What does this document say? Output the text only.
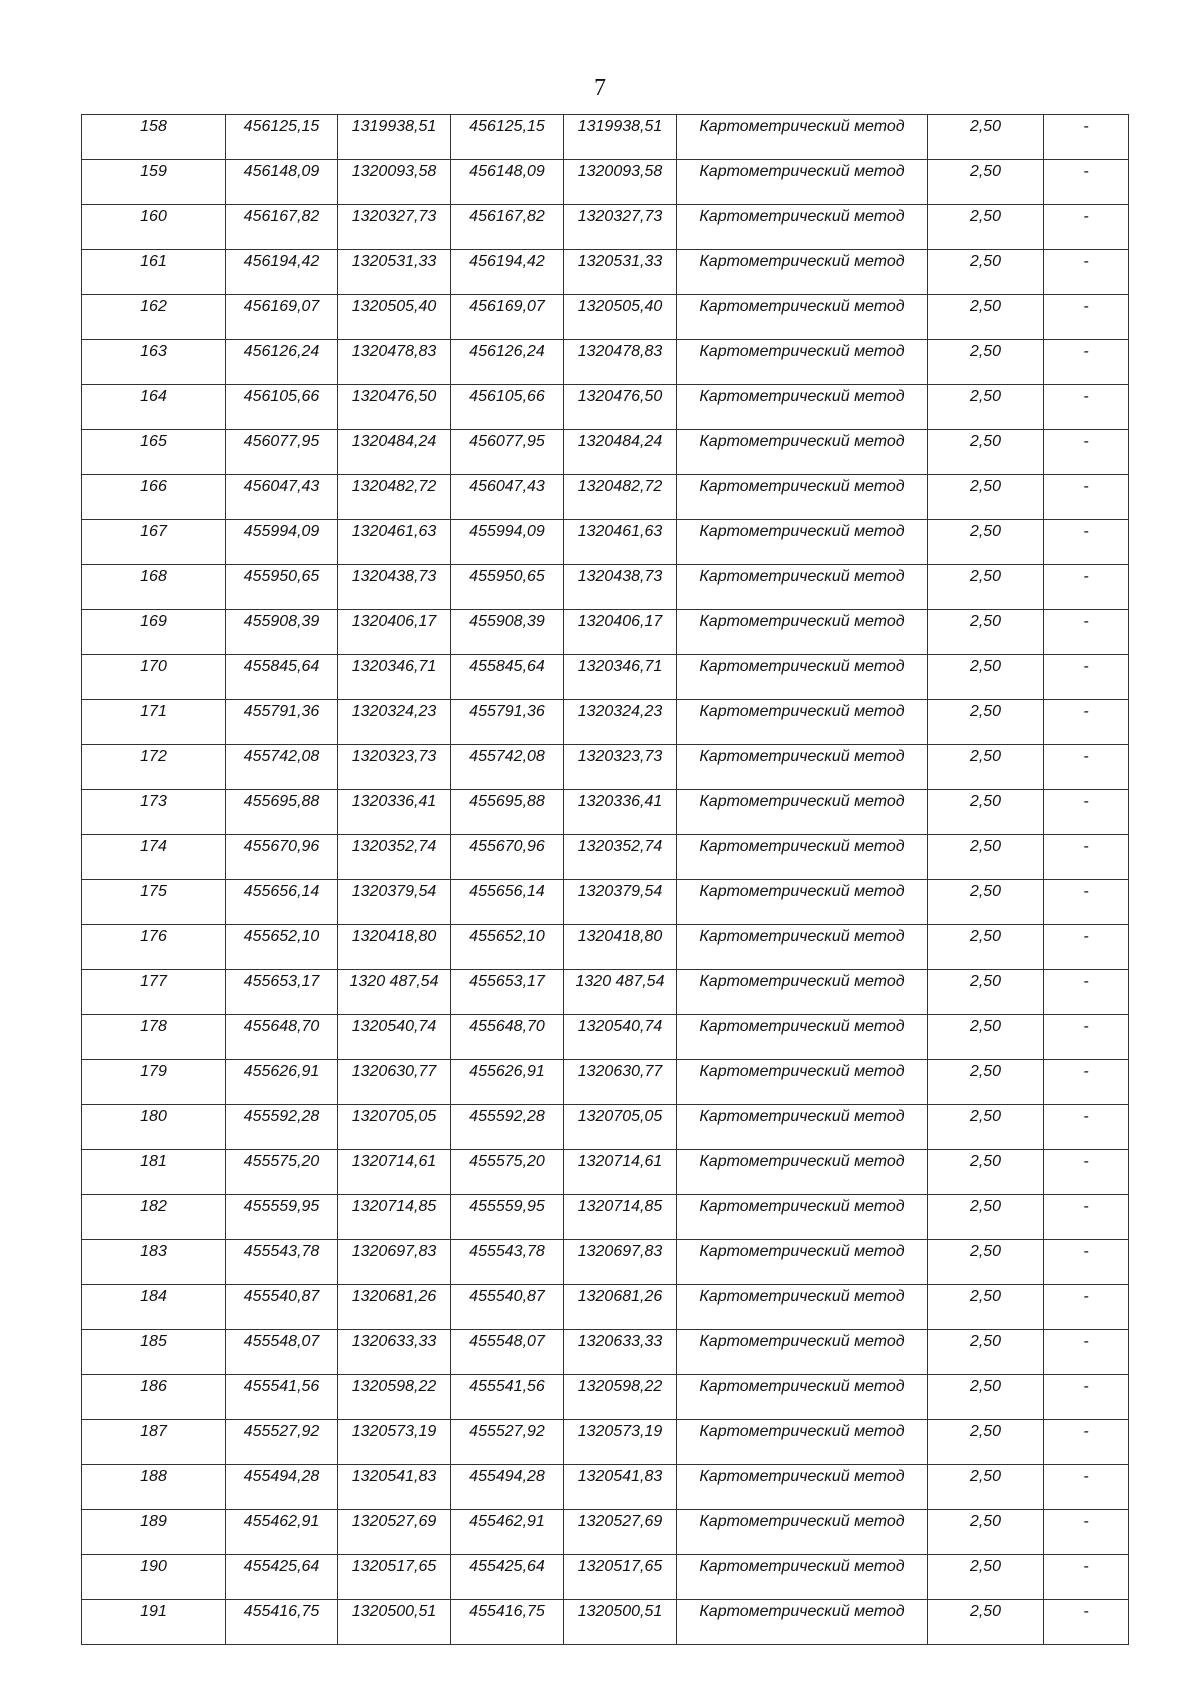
7
158	456125,15	1319938,51	456125,15	1319938,51	Картометрический метод	2,50	-
159	456148,09	1320093,58	456148,09	1320093,58	Картометрический метод	2,50	-
160	456167,82	1320327,73	456167,82	1320327,73	Картометрический метод	2,50	-
161	456194,42	1320531,33	456194,42	1320531,33	Картометрический метод	2,50	-
162	456169,07	1320505,40	456169,07	1320505,40	Картометрический метод	2,50	-
163	456126,24	1320478,83	456126,24	1320478,83	Картометрический метод	2,50	-
164	456105,66	1320476,50	456105,66	1320476,50	Картометрический метод	2,50	-
165	456077,95	1320484,24	456077,95	1320484,24	Картометрический метод	2,50	-
166	456047,43	1320482,72	456047,43	1320482,72	Картометрический метод	2,50	-
167	455994,09	1320461,63	455994,09	1320461,63	Картометрический метод	2,50	-
168	455950,65	1320438,73	455950,65	1320438,73	Картометрический метод	2,50	-
169	455908,39	1320406,17	455908,39	1320406,17	Картометрический метод	2,50	-
170	455845,64	1320346,71	455845,64	1320346,71	Картометрический метод	2,50	-
171	455791,36	1320324,23	455791,36	1320324,23	Картометрический метод	2,50	-
172	455742,08	1320323,73	455742,08	1320323,73	Картометрический метод	2,50	-
173	455695,88	1320336,41	455695,88	1320336,41	Картометрический метод	2,50	-
174	455670,96	1320352,74	455670,96	1320352,74	Картометрический метод	2,50	-
175	455656,14	1320379,54	455656,14	1320379,54	Картометрический метод	2,50	-
176	455652,10	1320418,80	455652,10	1320418,80	Картометрический метод	2,50	-
177	455653,17	1320 487,54	455653,17	1320 487,54	Картометрический метод	2,50	-
178	455648,70	1320540,74	455648,70	1320540,74	Картометрический метод	2,50	-
179	455626,91	1320630,77	455626,91	1320630,77	Картометрический метод	2,50	-
180	455592,28	1320705,05	455592,28	1320705,05	Картометрический метод	2,50	-
181	455575,20	1320714,61	455575,20	1320714,61	Картометрический метод	2,50	-
182	455559,95	1320714,85	455559,95	1320714,85	Картометрический метод	2,50	-
183	455543,78	1320697,83	455543,78	1320697,83	Картометрический метод	2,50	-
184	455540,87	1320681,26	455540,87	1320681,26	Картометрический метод	2,50	-
185	455548,07	1320633,33	455548,07	1320633,33	Картометрический метод	2,50	-
186	455541,56	1320598,22	455541,56	1320598,22	Картометрический метод	2,50	-
187	455527,92	1320573,19	455527,92	1320573,19	Картометрический метод	2,50	-
188	455494,28	1320541,83	455494,28	1320541,83	Картометрический метод	2,50	-
189	455462,91	1320527,69	455462,91	1320527,69	Картометрический метод	2,50	-
190	455425,64	1320517,65	455425,64	1320517,65	Картометрический метод	2,50	-
191	455416,75	1320500,51	455416,75	1320500,51	Картометрический метод	2,50	-
